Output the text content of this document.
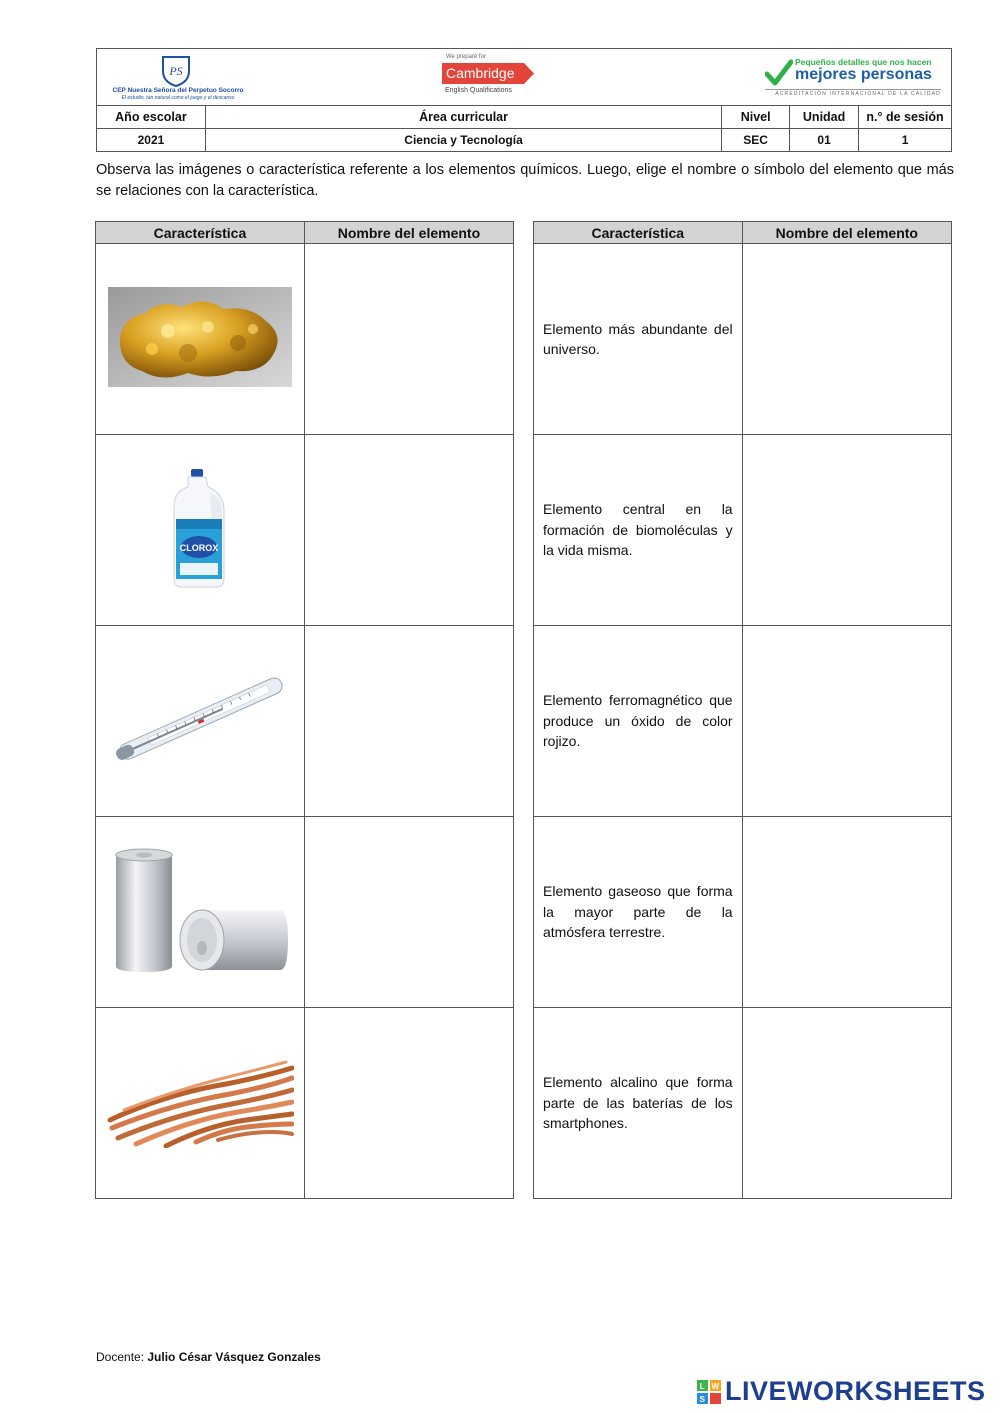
PS
CEP Nuestra Señora del Perpetuo Socorro
El estudio, tan natural como el juego y el descanso
We prepare for
Cambridge
English Qualifications
Pequeños detalles que nos hacen
mejores personas
ACREDITACIÓN INTERNACIONAL DE LA CALIDAD
Año escolar	Área curricular	Nivel	Unidad	n.° de sesión
2021	Ciencia y Tecnología	SEC	01	1
Observa las imágenes o característica referente a los elementos químicos. Luego, elige el nombre o símbolo del elemento que más se relaciones con la característica.
Característica	Nombre del elemento

CLOROX	

Característica	Nombre del elemento

Elemento más abundante del universo.	

Elemento central en la formación de biomoléculas y la vida misma.	

Elemento ferromagnético que produce un óxido de color rojizo.	

Elemento gaseoso que forma la mayor parte de la atmósfera terrestre.	

Elemento alcalino que forma parte de las baterías de los smartphones.	

Docente: Julio César Vásquez Gonzales
L W
S LIVEWORKSHEETS
